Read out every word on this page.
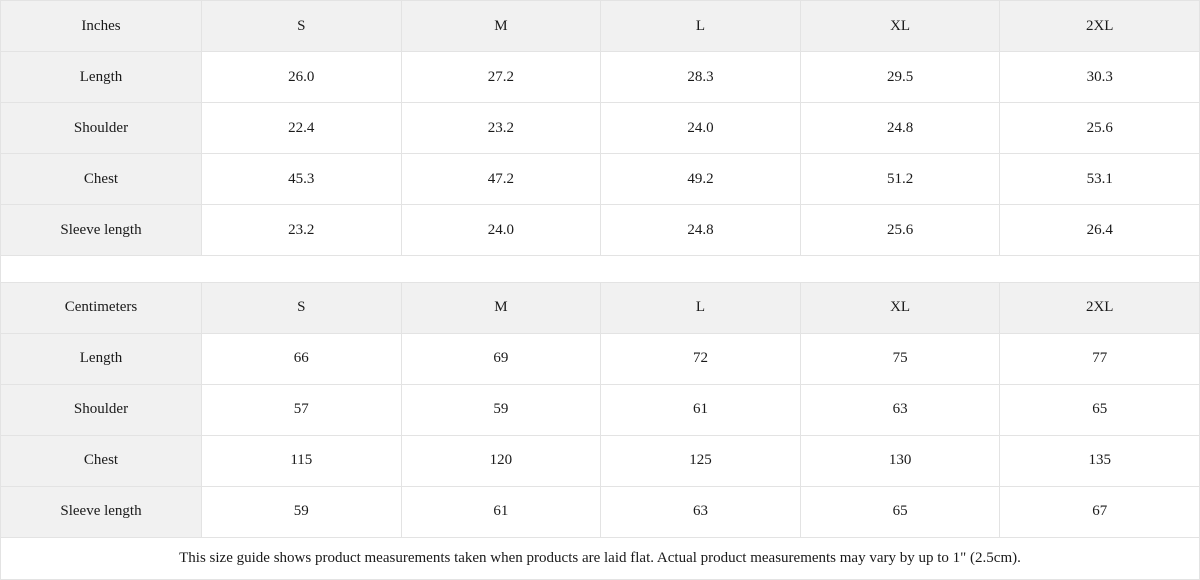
Inches	S	M	L	XL	2XL
Length	26.0	27.2	28.3	29.5	30.3
Shoulder	22.4	23.2	24.0	24.8	25.6
Chest	45.3	47.2	49.2	51.2	53.1
Sleeve length	23.2	24.0	24.8	25.6	26.4
Centimeters	S	M	L	XL	2XL
Length	66	69	72	75	77
Shoulder	57	59	61	63	65
Chest	115	120	125	130	135
Sleeve length	59	61	63	65	67
This size guide shows product measurements taken when products are laid flat. Actual product measurements may vary by up to 1" (2.5cm).
